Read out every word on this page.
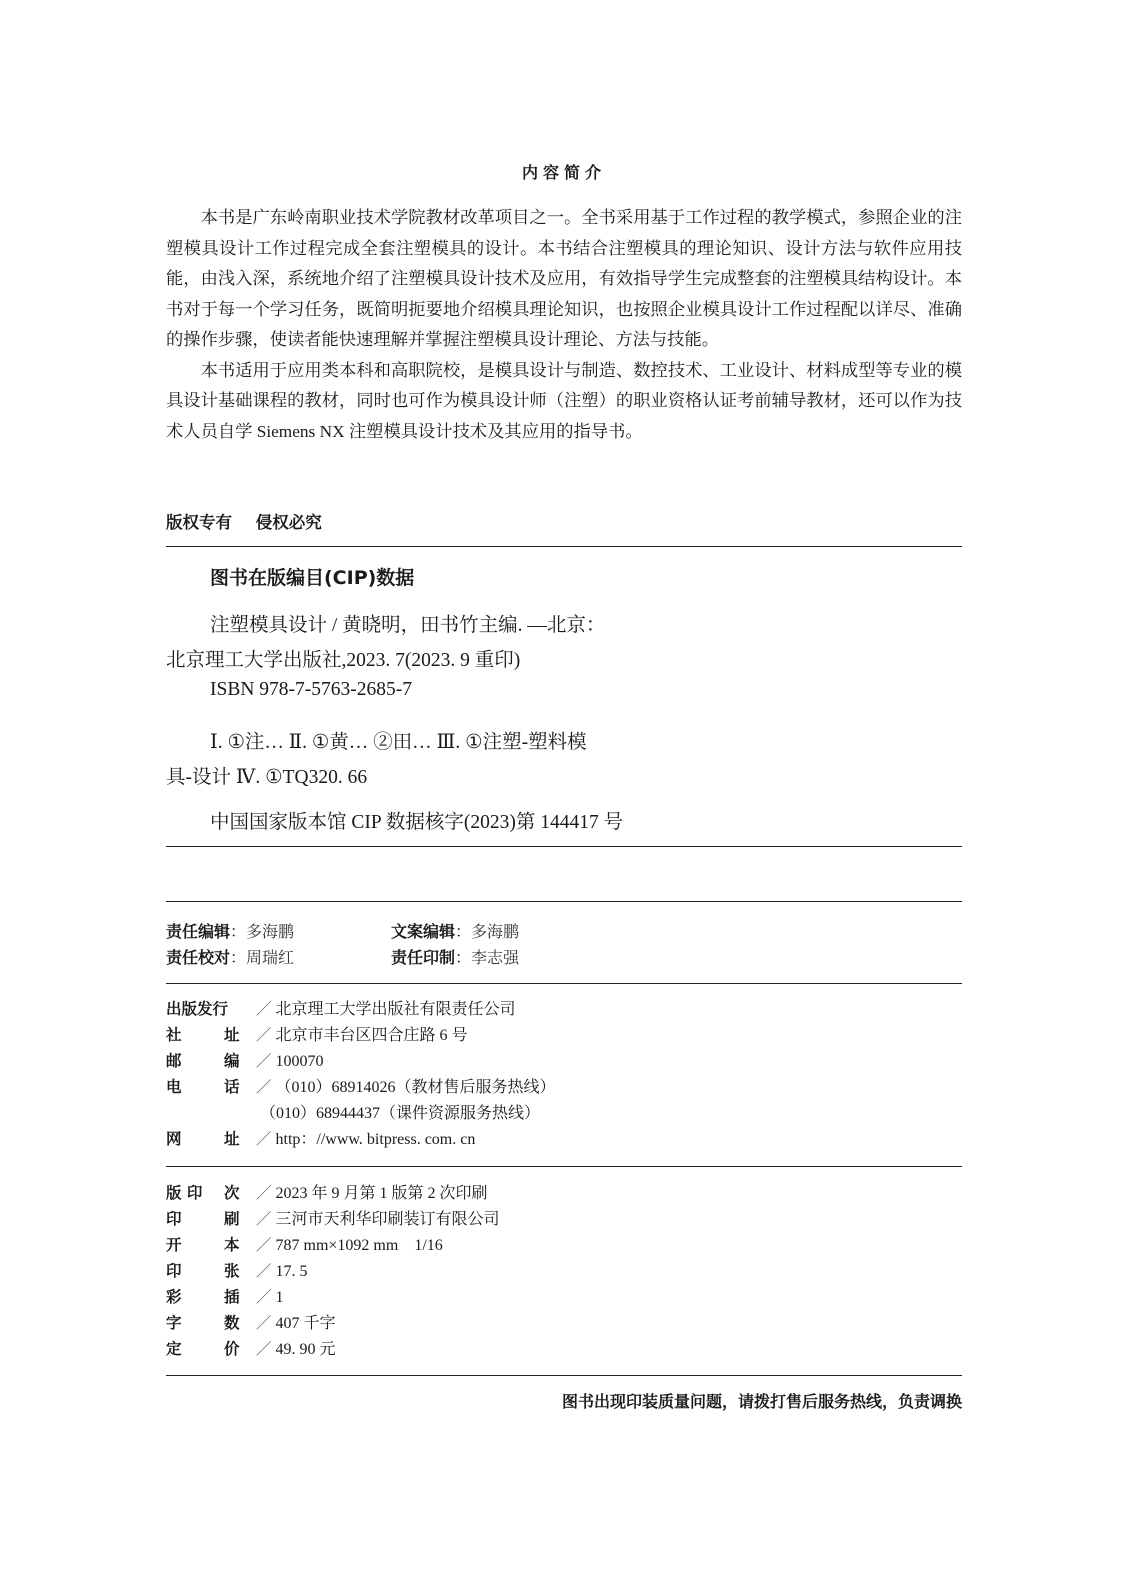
内容简介

本书是广东岭南职业技术学院教材改革项目之一。全书采用基于工作过程的教学模式，参照企业的注塑模具设计工作过程完成全套注塑模具的设计。本书结合注塑模具的理论知识、设计方法与软件应用技能，由浅入深，系统地介绍了注塑模具设计技术及应用，有效指导学生完成整套的注塑模具结构设计。本书对于每一个学习任务，既简明扼要地介绍模具理论知识，也按照企业模具设计工作过程配以详尽、准确的操作步骤，使读者能快速理解并掌握注塑模具设计理论、方法与技能。

本书适用于应用类本科和高职院校，是模具设计与制造、数控技术、工业设计、材料成型等专业的模具设计基础课程的教材，同时也可作为模具设计师（注塑）的职业资格认证考前辅导教材，还可以作为技术人员自学 Siemens NX 注塑模具设计技术及其应用的指导书。

版权专有 侵权必究
图书在版编目(CIP)数据
注塑模具设计 / 黄晓明，田书竹主编. —北京：
北京理工大学出版社,2023. 7(2023. 9 重印)
ISBN 978-7-5763-2685-7
Ⅰ. ①注… Ⅱ. ①黄… ②田… Ⅲ. ①注塑-塑料模
具-设计 Ⅳ. ①TQ320. 66
中国国家版本馆 CIP 数据核字(2023)第 144417 号
责任编辑：多海鹏	文案编辑：多海鹏
责任校对：周瑞红	责任印制：李志强
出版发行 ／ 北京理工大学出版社有限责任公司
社	址 ／ 北京市丰台区四合庄路 6 号
邮	编 ／ 100070
电	话 ／ （010）68914026（教材售后服务热线）
（010）68944437（课件资源服务热线）
网	址 ／ http：//www. bitpress. com. cn
版 印 次 ／ 2023 年 9 月第 1 版第 2 次印刷
印	刷 ／ 三河市天利华印刷装订有限公司
开	本 ／ 787 mm×1092 mm    1/16
印	张 ／ 17. 5
彩	插 ／ 1
字	数 ／ 407 千字
定	价 ／ 49. 90 元
图书出现印装质量问题，请拨打售后服务热线，负责调换
